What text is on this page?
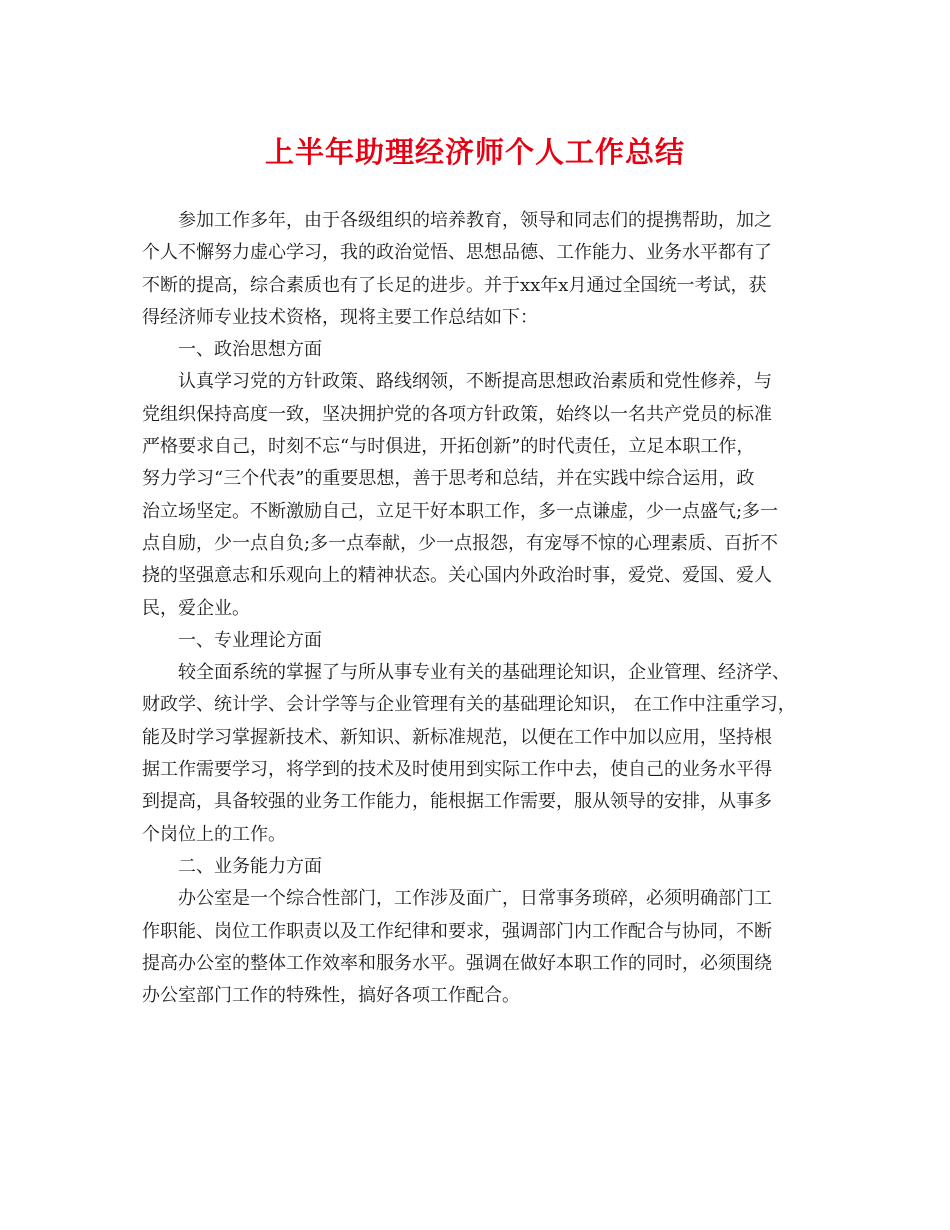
上半年助理经济师个人工作总结
参加工作多年，由于各级组织的培养教育，领导和同志们的提携帮助，加之
个人不懈努力虚心学习，我的政治觉悟、思想品德、工作能力、业务水平都有了
不断的提高，综合素质也有了长足的进步。并于xx年x月通过全国统一考试，获
得经济师专业技术资格，现将主要工作总结如下：
一、政治思想方面
认真学习党的方针政策、路线纲领，不断提高思想政治素质和党性修养，与
党组织保持高度一致，坚决拥护党的各项方针政策，始终以一名共产党员的标准
严格要求自己，时刻不忘“与时俱进，开拓创新”的时代责任，立足本职工作，
努力学习“三个代表”的重要思想，善于思考和总结，并在实践中综合运用，政
治立场坚定。不断激励自己，立足干好本职工作，多一点谦虚，少一点盛气;多一
点自励，少一点自负;多一点奉献，少一点报怨，有宠辱不惊的心理素质、百折不
挠的坚强意志和乐观向上的精神状态。关心国内外政治时事，爱党、爱国、爱人
民，爱企业。
一、专业理论方面
较全面系统的掌握了与所从事专业有关的基础理论知识，企业管理、经济学、
财政学、统计学、会计学等与企业管理有关的基础理论知识， 在工作中注重学习，
能及时学习掌握新技术、新知识、新标准规范，以便在工作中加以应用，坚持根
据工作需要学习，将学到的技术及时使用到实际工作中去，使自己的业务水平得
到提高，具备较强的业务工作能力，能根据工作需要，服从领导的安排，从事多
个岗位上的工作。
二、业务能力方面
办公室是一个综合性部门，工作涉及面广，日常事务琐碎，必须明确部门工
作职能、岗位工作职责以及工作纪律和要求，强调部门内工作配合与协同，不断
提高办公室的整体工作效率和服务水平。强调在做好本职工作的同时，必须围绕
办公室部门工作的特殊性，搞好各项工作配合。
